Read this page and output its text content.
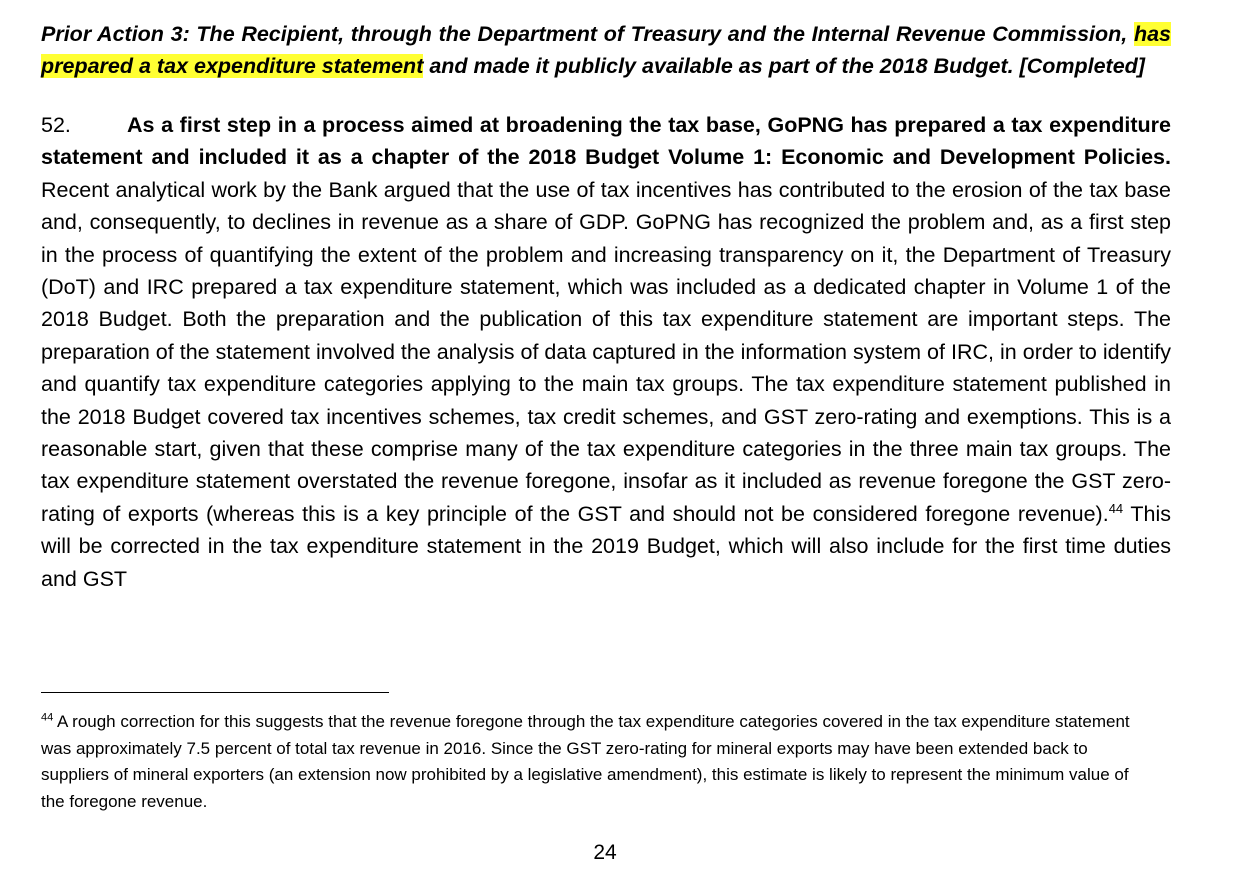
Prior Action 3: The Recipient, through the Department of Treasury and the Internal Revenue Commission, has prepared a tax expenditure statement and made it publicly available as part of the 2018 Budget. [Completed]

52.	As a first step in a process aimed at broadening the tax base, GoPNG has prepared a tax expenditure statement and included it as a chapter of the 2018 Budget Volume 1: Economic and Development Policies. Recent analytical work by the Bank argued that the use of tax incentives has contributed to the erosion of the tax base and, consequently, to declines in revenue as a share of GDP. GoPNG has recognized the problem and, as a first step in the process of quantifying the extent of the problem and increasing transparency on it, the Department of Treasury (DoT) and IRC prepared a tax expenditure statement, which was included as a dedicated chapter in Volume 1 of the 2018 Budget. Both the preparation and the publication of this tax expenditure statement are important steps. The preparation of the statement involved the analysis of data captured in the information system of IRC, in order to identify and quantify tax expenditure categories applying to the main tax groups. The tax expenditure statement published in the 2018 Budget covered tax incentives schemes, tax credit schemes, and GST zero-rating and exemptions. This is a reasonable start, given that these comprise many of the tax expenditure categories in the three main tax groups. The tax expenditure statement overstated the revenue foregone, insofar as it included as revenue foregone the GST zero-rating of exports (whereas this is a key principle of the GST and should not be considered foregone revenue).$^{44}$ This will be corrected in the tax expenditure statement in the 2019 Budget, which will also include for the first time duties and GST

$^{44}$ A rough correction for this suggests that the revenue foregone through the tax expenditure categories covered in the tax expenditure statement was approximately 7.5 percent of total tax revenue in 2016. Since the GST zero-rating for mineral exports may have been extended back to suppliers of mineral exporters (an extension now prohibited by a legislative amendment), this estimate is likely to represent the minimum value of the foregone revenue.

24
